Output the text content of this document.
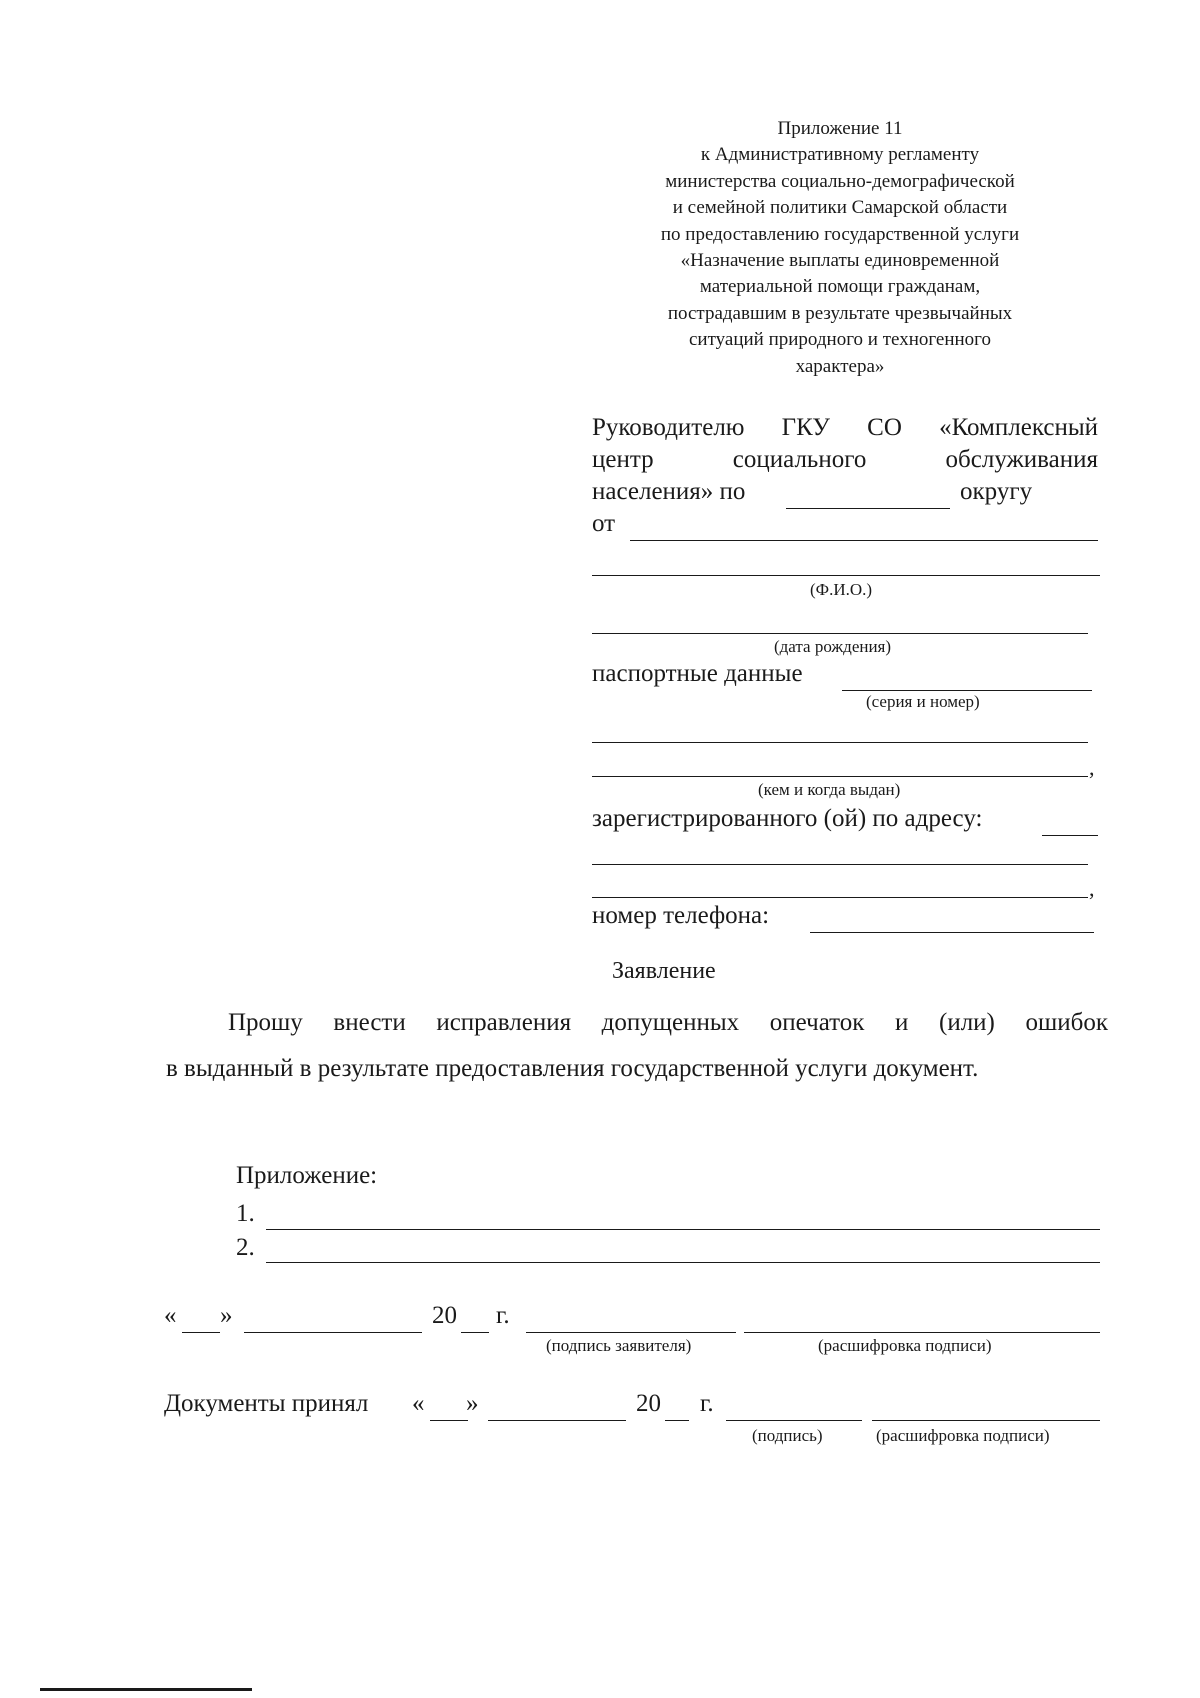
Приложение 11
к Административному регламенту
министерства социально-демографической
и семейной политики Самарской области
по предоставлению государственной услуги
«Назначение выплаты единовременной
материальной помощи гражданам,
пострадавшим в результате чрезвычайных
ситуаций природного и техногенного
характера»
Руководителю ГКУ СО «Комплексный
центр социального обслуживания
населения» по	округу
от
(Ф.И.О.)
(дата рождения)
паспортные данные
(серия и номер)
,
(кем и когда выдан)
зарегистрированного (ой) по адресу:
,
номер телефона:
Заявление
Прошу внести исправления допущенных опечаток и (или) ошибок
в выданный в результате предоставления государственной услуги документ.
Приложение:
1.
2.
« »	20 г.
(подпись заявителя)	(расшифровка подписи)
Документы принял « »	20 г.
(подпись)	(расшифровка подписи)
